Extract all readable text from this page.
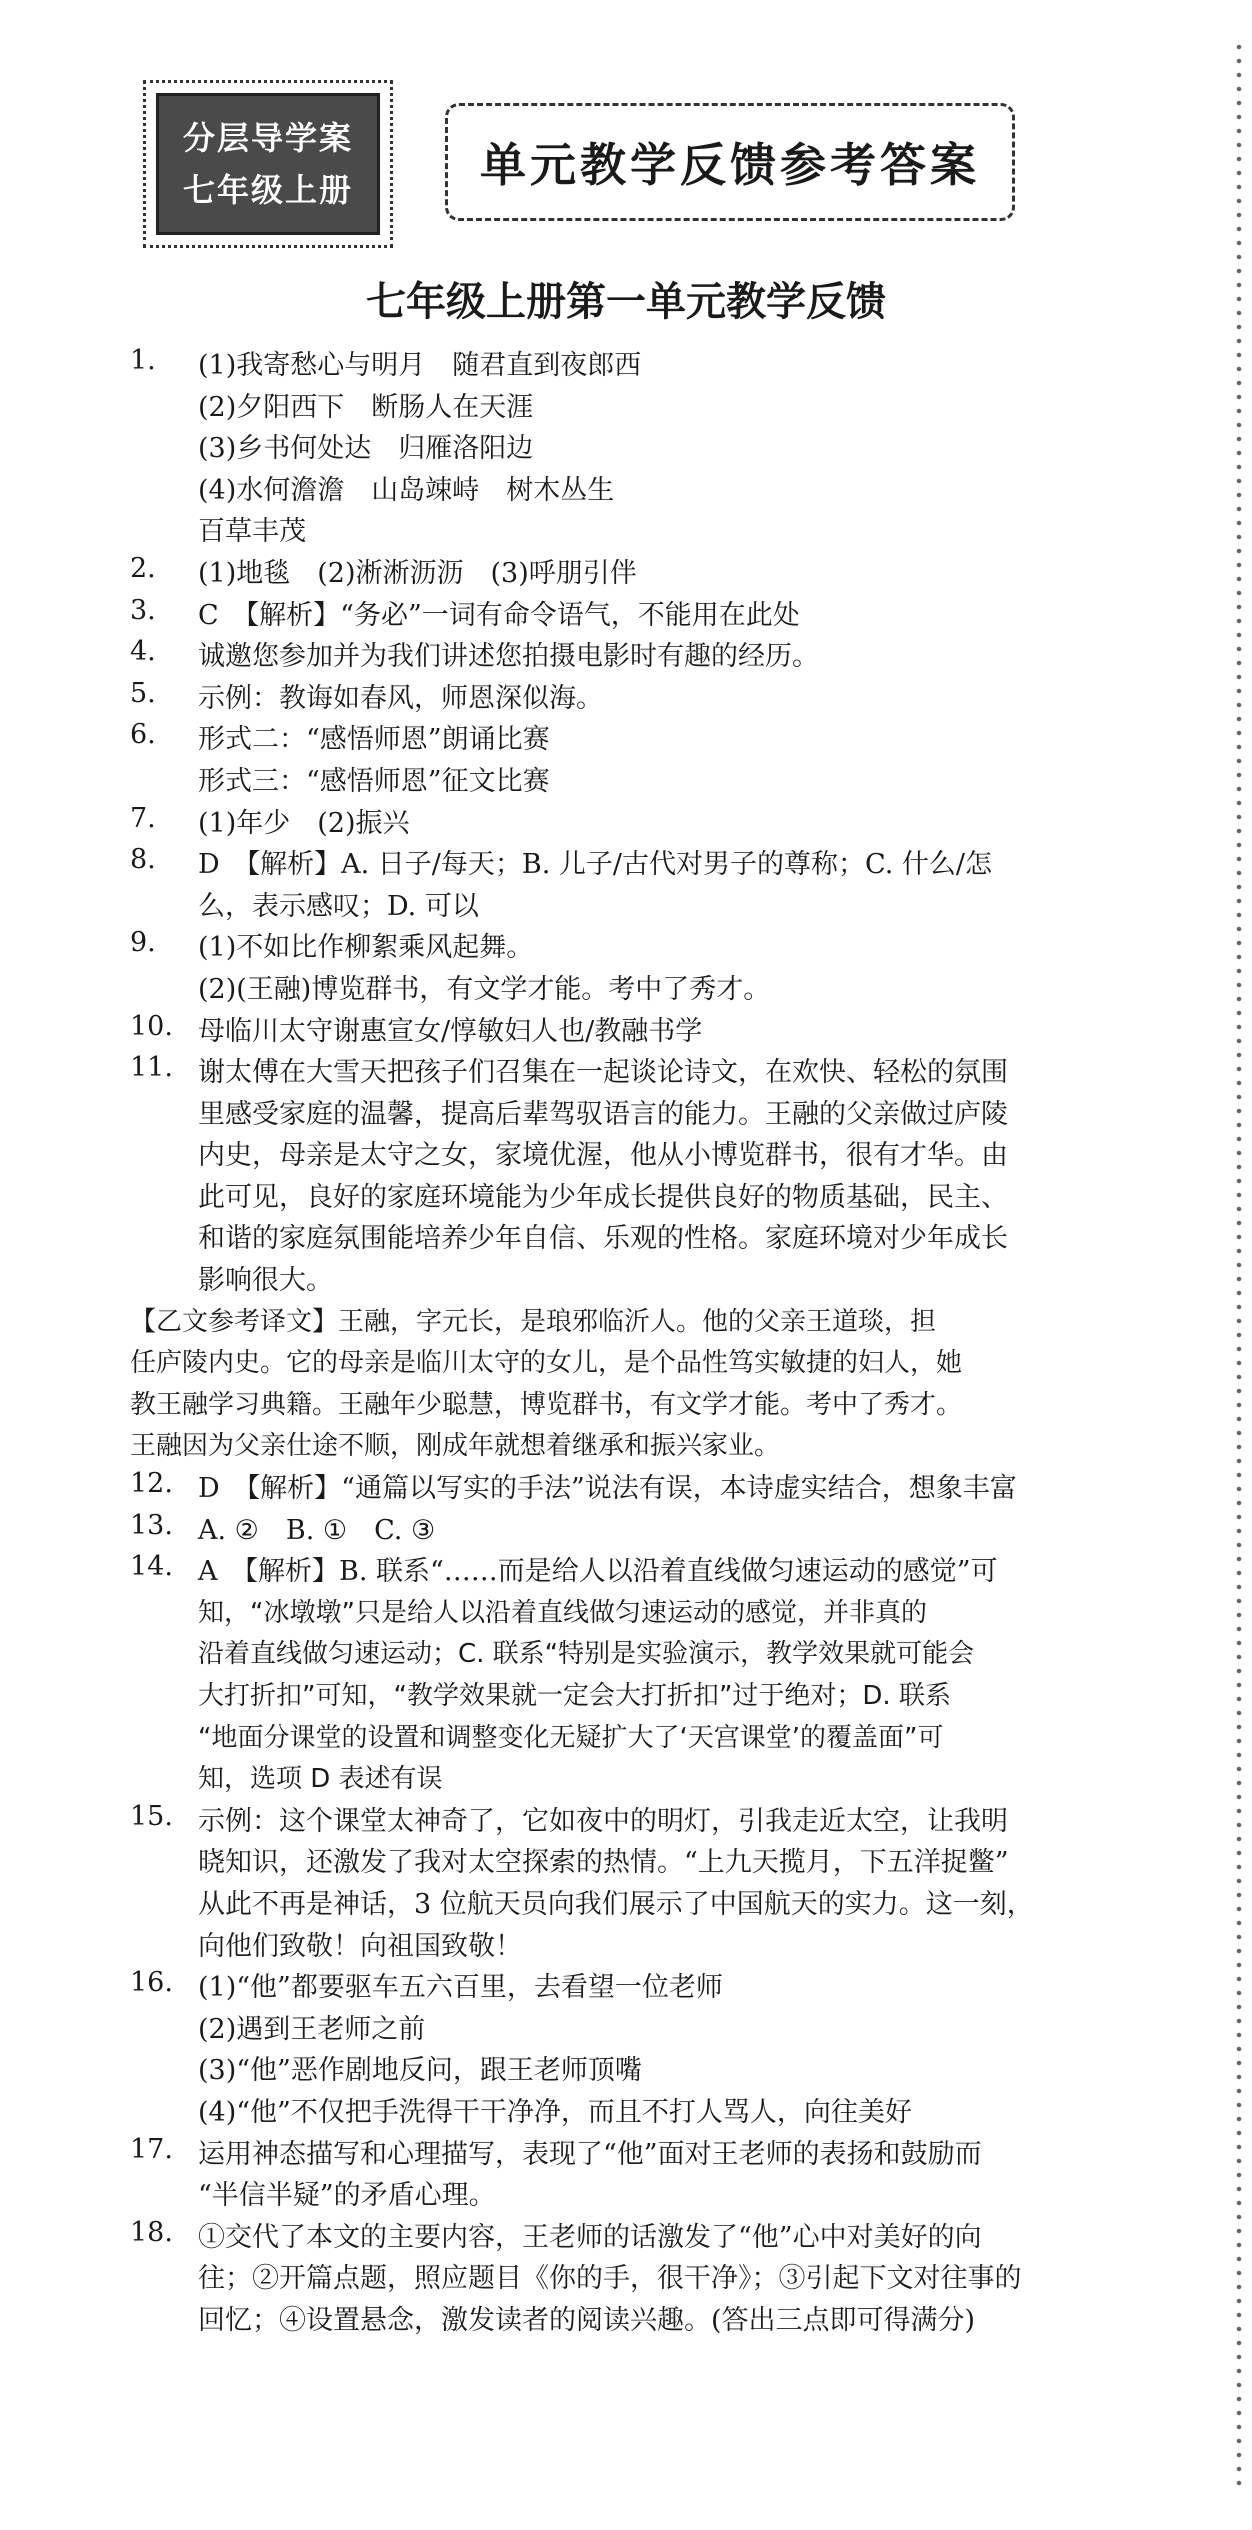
分层导学案
七年级上册	单元教学反馈参考答案
七年级上册第一单元教学反馈
1.	(1)我寄愁心与明月　随君直到夜郎西
(2)夕阳西下　断肠人在天涯
(3)乡书何处达　归雁洛阳边
(4)水何澹澹　山岛竦峙　树木丛生
百草丰茂
2.	(1)地毯　(2)淅淅沥沥　(3)呼朋引伴
3.	C　【解析】“务必”一词有命令语气，不能用在此处
4.	诚邀您参加并为我们讲述您拍摄电影时有趣的经历。
5.	示例：教诲如春风，师恩深似海。
6.	形式二：“感悟师恩”朗诵比赛
形式三：“感悟师恩”征文比赛
7.	(1)年少　(2)振兴
8.	D　【解析】A. 日子/每天；B. 儿子/古代对男子的尊称；C. 什么/怎
么，表示感叹；D. 可以
9.	(1)不如比作柳絮乘风起舞。
(2)(王融)博览群书，有文学才能。考中了秀才。
10. 母临川太守谢惠宣女/惇敏妇人也/教融书学
11. 谢太傅在大雪天把孩子们召集在一起谈论诗文，在欢快、轻松的氛围
里感受家庭的温馨，提高后辈驾驭语言的能力。王融的父亲做过庐陵
内史，母亲是太守之女，家境优渥，他从小博览群书，很有才华。由
此可见，良好的家庭环境能为少年成长提供良好的物质基础，民主、
和谐的家庭氛围能培养少年自信、乐观的性格。家庭环境对少年成长
影响很大。
【乙文参考译文】王融，字元长，是琅邪临沂人。他的父亲王道琰，担
任庐陵内史。它的母亲是临川太守的女儿，是个品性笃实敏捷的妇人，她
教王融学习典籍。王融年少聪慧，博览群书，有文学才能。考中了秀才。
王融因为父亲仕途不顺，刚成年就想着继承和振兴家业。
12. D　【解析】“通篇以写实的手法”说法有误，本诗虚实结合，想象丰富
13. A. ②　B. ①　C. ③
14. A　【解析】B. 联系“……而是给人以沿着直线做匀速运动的感觉”可
知，“冰墩墩”只是给人以沿着直线做匀速运动的感觉，并非真的
沿着直线做匀速运动；C. 联系“特别是实验演示，教学效果就可能会
大打折扣”可知，“教学效果就一定会大打折扣”过于绝对；D. 联系
“地面分课堂的设置和调整变化无疑扩大了‘天宫课堂’的覆盖面”可
知，选项 D 表述有误
15. 示例：这个课堂太神奇了，它如夜中的明灯，引我走近太空，让我明
晓知识，还激发了我对太空探索的热情。“上九天揽月，下五洋捉鳖”
从此不再是神话，3 位航天员向我们展示了中国航天的实力。这一刻，
向他们致敬！向祖国致敬！
16. (1)“他”都要驱车五六百里，去看望一位老师
(2)遇到王老师之前
(3)“他”恶作剧地反问，跟王老师顶嘴
(4)“他”不仅把手洗得干干净净，而且不打人骂人，向往美好
17. 运用神态描写和心理描写，表现了“他”面对王老师的表扬和鼓励而
“半信半疑”的矛盾心理。
18. ①交代了本文的主要内容，王老师的话激发了“他”心中对美好的向
往；②开篇点题，照应题目《你的手，很干净》；③引起下文对往事的
回忆；④设置悬念，激发读者的阅读兴趣。(答出三点即可得满分)
